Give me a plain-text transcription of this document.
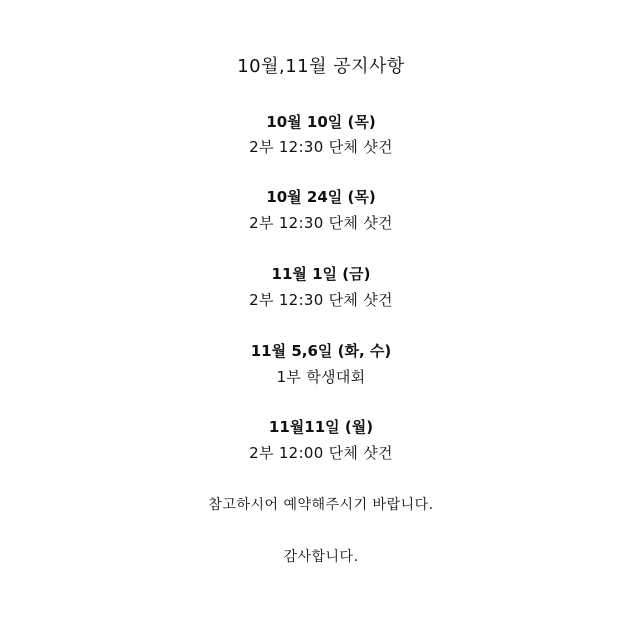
10월,11월 공지사항
10월 10일 (목)
2부 12:30 단체 샷건
10월 24일 (목)
2부 12:30 단체 샷건
11월 1일 (금)
2부 12:30 단체 샷건
11월 5,6일 (화, 수)
1부 학생대회
11월11일 (월)
2부 12:00 단체 샷건
참고하시어 예약해주시기 바랍니다.
감사합니다.
